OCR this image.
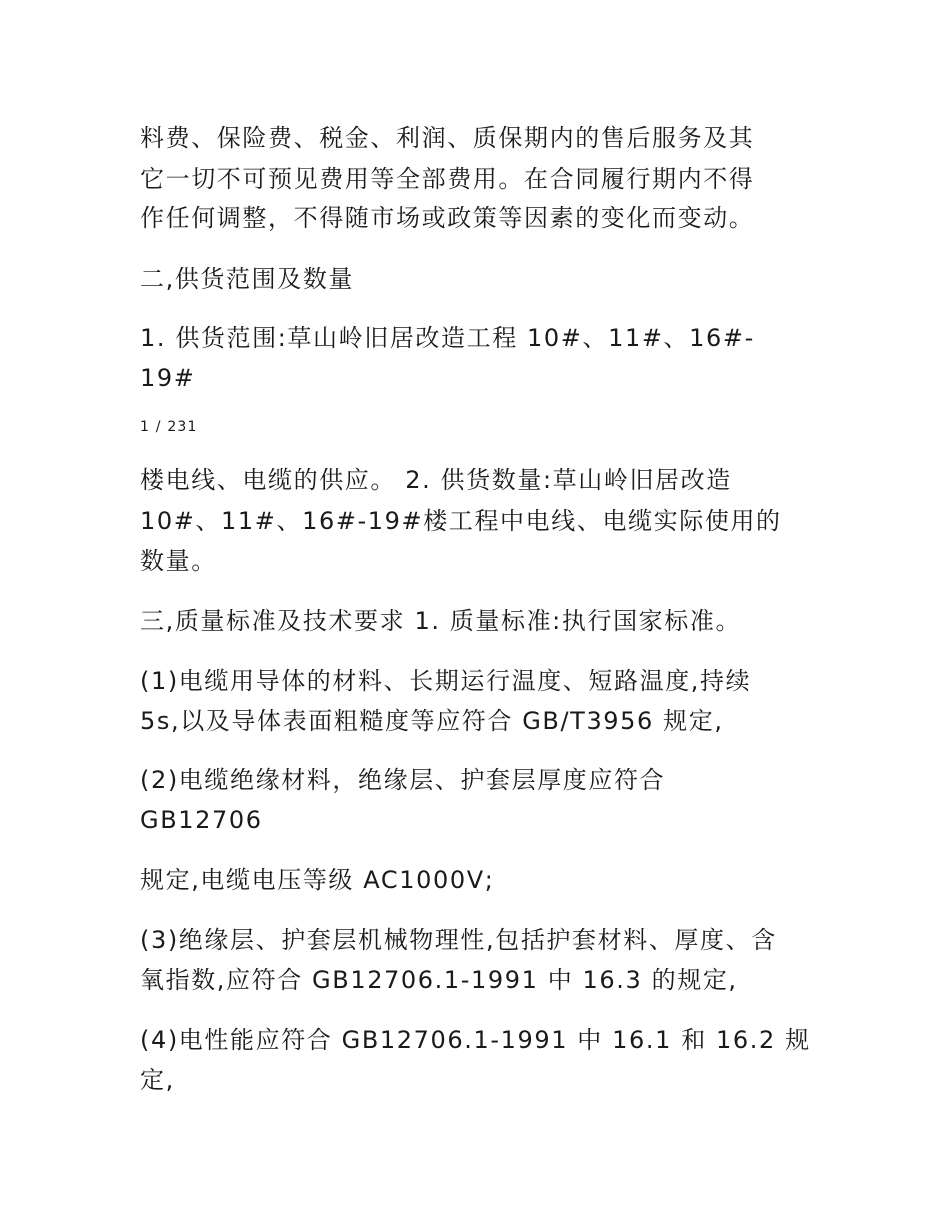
料费、保险费、税金、利润、质保期内的售后服务及其
它一切不可预见费用等全部费用。在合同履行期内不得
作任何调整，不得随市场或政策等因素的变化而变动。
二,供货范围及数量
1. 供货范围:草山岭旧居改造工程 10#、11#、16#-
19#
1 / 231
楼电线、电缆的供应。 2. 供货数量:草山岭旧居改造
10#、11#、16#-19#楼工程中电线、电缆实际使用的
数量。
三,质量标准及技术要求 1. 质量标准:执行国家标准。
(1)电缆用导体的材料、长期运行温度、短路温度,持续
5s,以及导体表面粗糙度等应符合 GB/T3956 规定,
(2)电缆绝缘材料，绝缘层、护套层厚度应符合
GB12706
规定,电缆电压等级 AC1000V;
(3)绝缘层、护套层机械物理性,包括护套材料、厚度、含
氧指数,应符合 GB12706.1-1991 中 16.3 的规定,
(4)电性能应符合 GB12706.1-1991 中 16.1 和 16.2 规
定,
